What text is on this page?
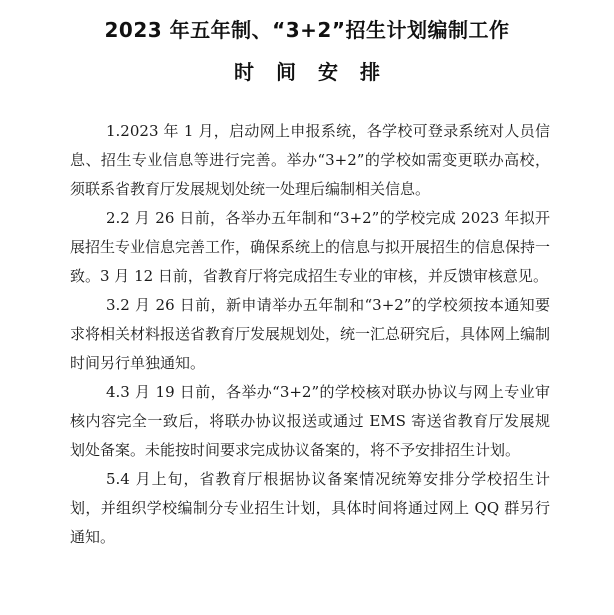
2023 年五年制、“3+2”招生计划编制工作
时间安排

1.2023 年 1 月，启动网上申报系统，各学校可登录系统对人员信息、招生专业信息等进行完善。举办“3+2”的学校如需变更联办高校，须联系省教育厅发展规划处统一处理后编制相关信息。

2.2 月 26 日前，各举办五年制和“3+2”的学校完成 2023 年拟开展招生专业信息完善工作，确保系统上的信息与拟开展招生的信息保持一致。3 月 12 日前，省教育厅将完成招生专业的审核，并反馈审核意见。

3.2 月 26 日前，新申请举办五年制和“3+2”的学校须按本通知要求将相关材料报送省教育厅发展规划处，统一汇总研究后，具体网上编制时间另行单独通知。

4.3 月 19 日前，各举办“3+2”的学校核对联办协议与网上专业审核内容完全一致后，将联办协议报送或通过 EMS 寄送省教育厅发展规划处备案。未能按时间要求完成协议备案的，将不予安排招生计划。

5.4 月上旬，省教育厅根据协议备案情况统筹安排分学校招生计划，并组织学校编制分专业招生计划，具体时间将通过网上 QQ 群另行通知。
